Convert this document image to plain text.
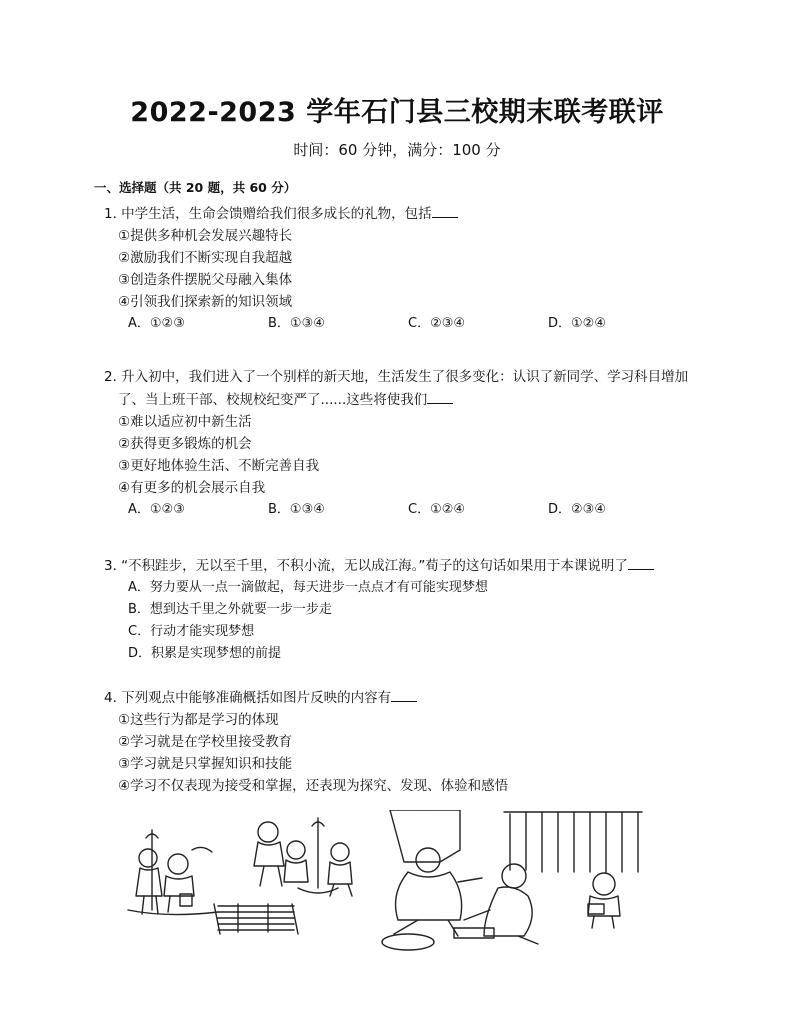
2022-2023 学年石门县三校期末联考联评
时间：60 分钟，满分：100 分
一、选择题（共 20 题，共 60 分）
1. 中学生活，生命会馈赠给我们很多成长的礼物，包括
①提供多种机会发展兴趣特长
②激励我们不断实现自我超越
③创造条件摆脱父母融入集体
④引领我们探索新的知识领域
A．①②③	B．①③④	C．②③④	D．①②④
2. 升入初中，我们进入了一个别样的新天地，生活发生了很多变化：认识了新同学、学习科目增加
了、当上班干部、校规校纪变严了......这些将使我们
①难以适应初中新生活
②获得更多锻炼的机会
③更好地体验生活、不断完善自我
④有更多的机会展示自我
A．①②③	B．①③④	C．①②④	D．②③④
3. “不积跬步，无以至千里，不积小流，无以成江海。”荀子的这句话如果用于本课说明了
A．努力要从一点一滴做起，每天进步一点点才有可能实现梦想
B．想到达千里之外就要一步一步走
C．行动才能实现梦想
D．积累是实现梦想的前提
4. 下列观点中能够准确概括如图片反映的内容有
①这些行为都是学习的体现
②学习就是在学校里接受教育
③学习就是只掌握知识和技能
④学习不仅表现为接受和掌握，还表现为探究、发现、体验和感悟
